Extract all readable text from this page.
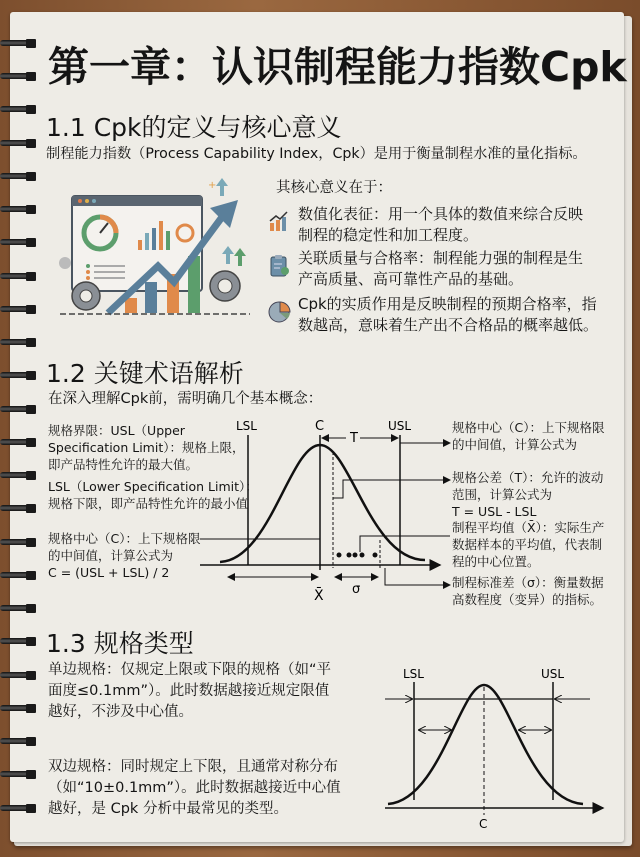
第一章：认识制程能力指数Cpk
1.1 Cpk的定义与核心意义
制程能力指数（Process Capability Index，Cpk）是用于衡量制程水准的量化指标。
+	其核心意义在于：
数值化表征：用一个具体的数值来综合反映
制程的稳定性和加工程度。
关联质量与合格率：制程能力强的制程是生
产高质量、高可靠性产品的基础。
Cpk的实质作用是反映制程的预期合格率，指
数越高，意味着生产出不合格品的概率越低。
1.2 关键术语解析
在深入理解Cpk前，需明确几个基本概念：
规格界限：USL（Upper
Specification Limit）：规格上限，
即产品特性允许的最大值。
LSL（Lower Specification Limit）：
规格下限，即产品特性允许的最小值
规格中心（C）：上下规格限
的中间值，计算公式为
C = (USL + LSL) / 2
规格中心（C）：上下规格限
的中间值，计算公式为
规格公差（T）：允许的波动
范围，计算公式为
T = USL - LSL
制程平均值（X̄）：实际生产
数据样本的平均值，代表制
程的中心位置。
制程标准差（σ）：衡量数据
高数程度（变异）的指标。
LSL	C	USL
T
X̄ σ
1.3 规格类型
单边规格：仅规定上限或下限的规格（如“平
面度≤0.1mm”）。此时数据越接近规定限值
越好，不涉及中心值。
双边规格：同时规定上下限，且通常对称分布
（如“10±0.1mm”）。此时数据越接近中心值
越好，是 Cpk 分析中最常见的类型。
LSL	USL
C
